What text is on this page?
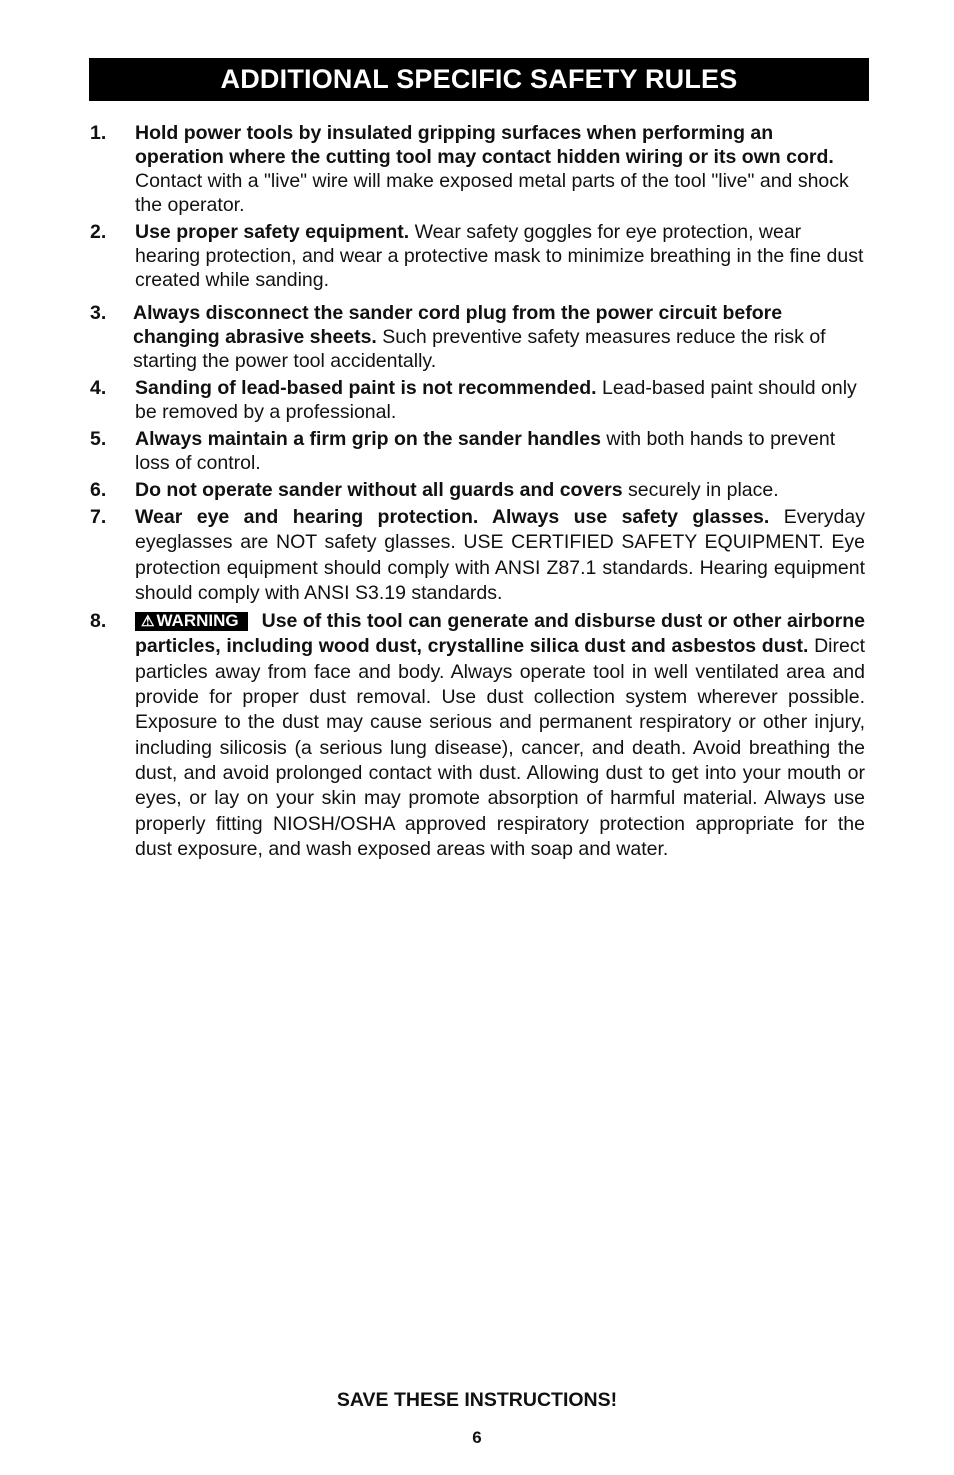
ADDITIONAL SPECIFIC SAFETY RULES
1. Hold power tools by insulated gripping surfaces when performing an operation where the cutting tool may contact hidden wiring or its own cord. Contact with a "live" wire will make exposed metal parts of the tool "live" and shock the operator.
2. Use proper safety equipment. Wear safety goggles for eye protection, wear hearing protection, and wear a protective mask to minimize breathing in the fine dust created while sanding.
3. Always disconnect the sander cord plug from the power circuit before changing abrasive sheets. Such preventive safety measures reduce the risk of starting the power tool accidentally.
4. Sanding of lead-based paint is not recommended. Lead-based paint should only be removed by a professional.
5. Always maintain a firm grip on the sander handles with both hands to prevent loss of control.
6. Do not operate sander without all guards and covers securely in place.
7. Wear eye and hearing protection. Always use safety glasses. Everyday eyeglasses are NOT safety glasses. USE CERTIFIED SAFETY EQUIPMENT. Eye protection equipment should comply with ANSI Z87.1 standards. Hearing equipment should comply with ANSI S3.19 standards.
8. ⚠ WARNING Use of this tool can generate and disburse dust or other airborne particles, including wood dust, crystalline silica dust and asbestos dust. Direct particles away from face and body. Always operate tool in well ventilated area and provide for proper dust removal. Use dust collection system wherever possible. Exposure to the dust may cause serious and permanent respiratory or other injury, including silicosis (a serious lung disease), cancer, and death. Avoid breathing the dust, and avoid prolonged contact with dust. Allowing dust to get into your mouth or eyes, or lay on your skin may promote absorption of harmful material. Always use properly fitting NIOSH/OSHA approved respiratory protection appropriate for the dust exposure, and wash exposed areas with soap and water.
SAVE THESE INSTRUCTIONS!
6
